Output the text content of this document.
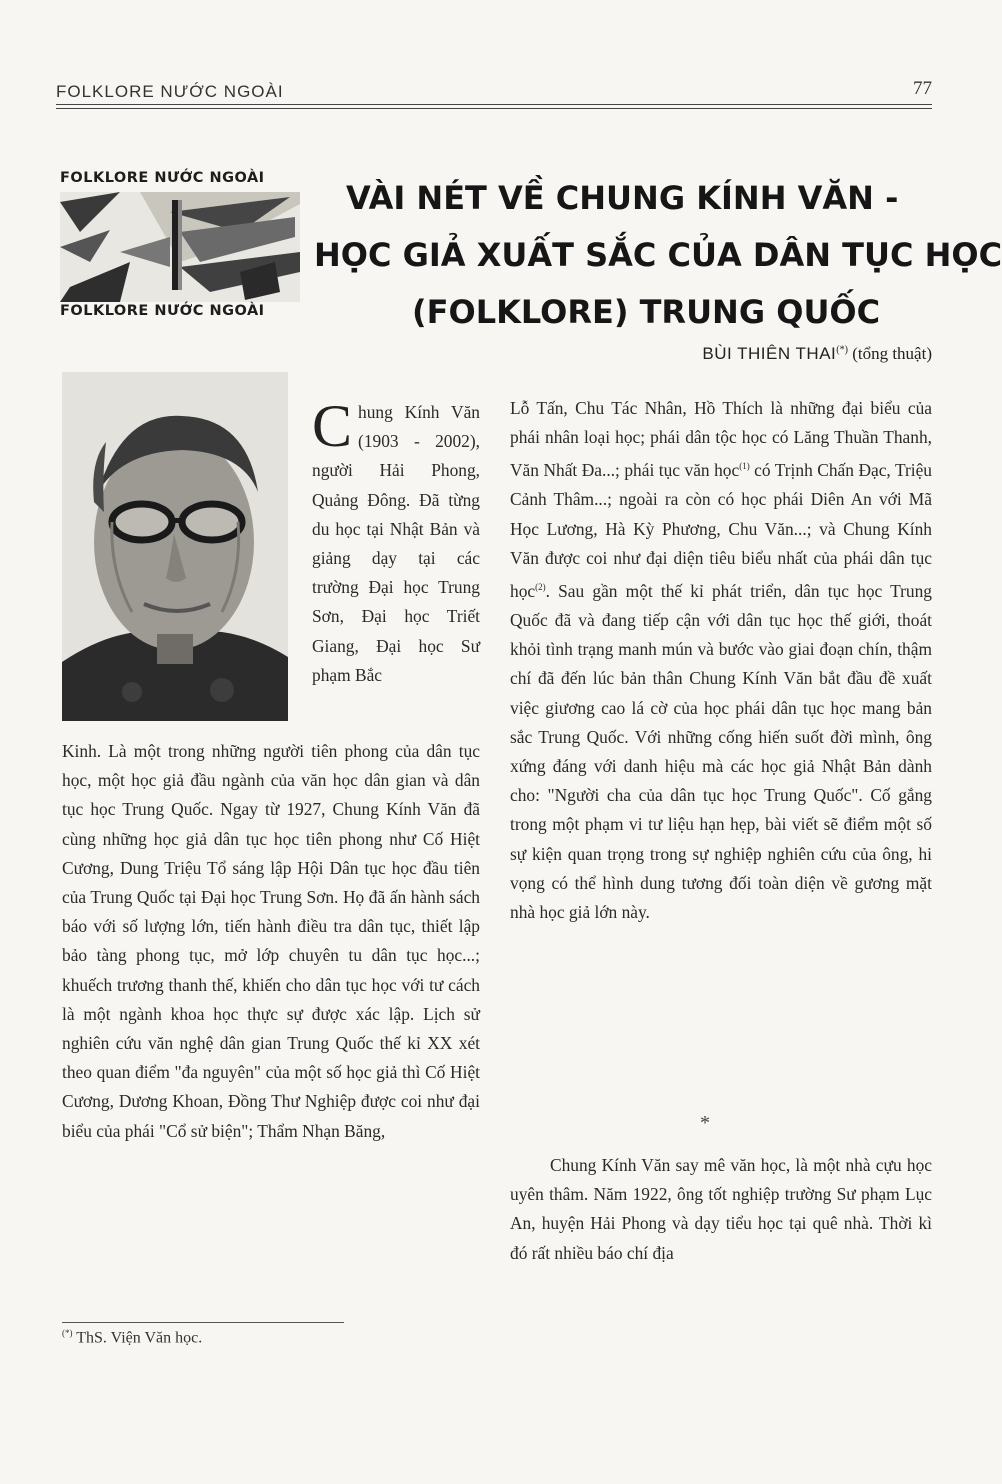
FOLKLORE NƯỚC NGOÀI	77
FOLKLORE NƯỚC NGOÀI
FOLKLORE NƯỚC NGOÀI
VÀI NÉT VỀ CHUNG KÍNH VĂN -
HỌC GIẢ XUẤT SẮC CỦA DÂN TỤC HỌC
(FOLKLORE) TRUNG QUỐC
BÙI THIÊN THAI(*) (tổng thuật)

Chung Kính Văn (1903 - 2002), người Hải Phong, Quảng Đông. Đã từng du học tại Nhật Bản và giảng dạy tại các trường Đại học Trung Sơn, Đại học Triết Giang, Đại học Sư phạm Bắc

Kinh. Là một trong những người tiên phong của dân tục học, một học giả đầu ngành của văn học dân gian và dân tục học Trung Quốc. Ngay từ 1927, Chung Kính Văn đã cùng những học giả dân tục học tiên phong như Cố Hiệt Cương, Dung Triệu Tổ sáng lập Hội Dân tục học đầu tiên của Trung Quốc tại Đại học Trung Sơn. Họ đã ấn hành sách báo với số lượng lớn, tiến hành điều tra dân tục, thiết lập bảo tàng phong tục, mở lớp chuyên tu dân tục học...; khuếch trương thanh thế, khiến cho dân tục học với tư cách là một ngành khoa học thực sự được xác lập. Lịch sử nghiên cứu văn nghệ dân gian Trung Quốc thế kỉ XX xét theo quan điểm "đa nguyên" của một số học giả thì Cố Hiệt Cương, Dương Khoan, Đồng Thư Nghiệp được coi như đại biểu của phái "Cổ sử biện"; Thẩm Nhạn Băng,

Lỗ Tấn, Chu Tác Nhân, Hồ Thích là những đại biểu của phái nhân loại học; phái dân tộc học có Lăng Thuần Thanh, Văn Nhất Đa...; phái tục văn học$^{(1)}$ có Trịnh Chấn Đạc, Triệu Cảnh Thâm...; ngoài ra còn có học phái Diên An với Mã Học Lương, Hà Kỳ Phương, Chu Văn...; và Chung Kính Văn được coi như đại diện tiêu biểu nhất của phái dân tục học$^{(2)}$. Sau gần một thế kỉ phát triển, dân tục học Trung Quốc đã và đang tiếp cận với dân tục học thế giới, thoát khỏi tình trạng manh mún và bước vào giai đoạn chín, thậm chí đã đến lúc bản thân Chung Kính Văn bắt đầu đề xuất việc giương cao lá cờ của học phái dân tục học mang bản sắc Trung Quốc. Với những cống hiến suốt đời mình, ông xứng đáng với danh hiệu mà các học giả Nhật Bản dành cho: "Người cha của dân tục học Trung Quốc". Cố gắng trong một phạm vi tư liệu hạn hẹp, bài viết sẽ điểm một số sự kiện quan trọng trong sự nghiệp nghiên cứu của ông, hi vọng có thể hình dung tương đối toàn diện về gương mặt nhà học giả lớn này.

*

Chung Kính Văn say mê văn học, là một nhà cựu học uyên thâm. Năm 1922, ông tốt nghiệp trường Sư phạm Lục An, huyện Hải Phong và dạy tiểu học tại quê nhà. Thời kì đó rất nhiều báo chí địa

(*) ThS. Viện Văn học.
